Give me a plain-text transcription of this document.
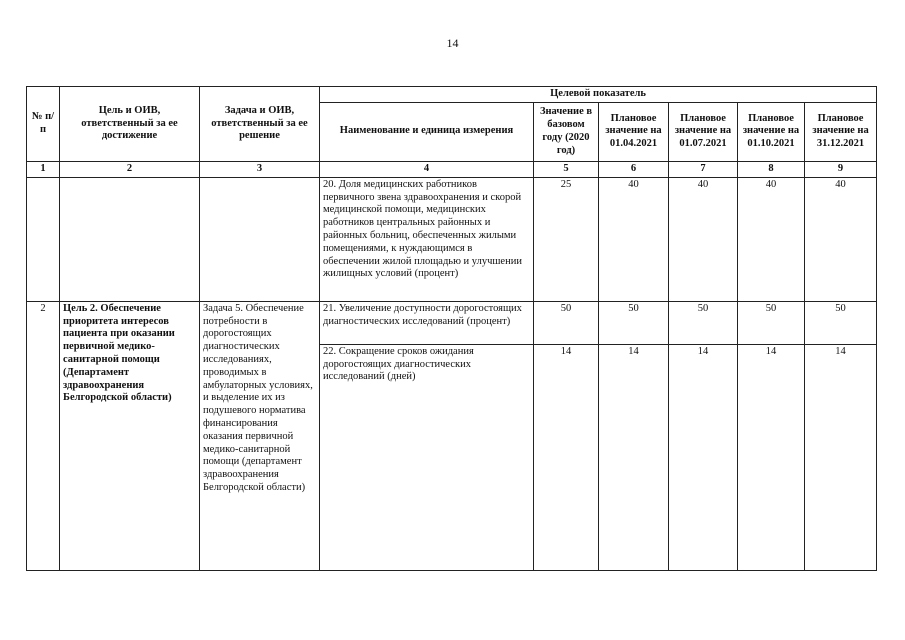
14
№ п/п	Цель и ОИВ, ответственный за ее достижение	Задача и ОИВ, ответственный за ее решение	Целевой показатель					
			Наименование и единица измерения	Значение в базовом году (2020 год)	Плановое значение на 01.04.2021	Плановое значение на 01.07.2021	Плановое значение на 01.10.2021	Плановое значение на 31.12.2021
1	2	3	4	5	6	7	8	9
			20. Доля медицинских работников первичного звена здравоохранения и скорой медицинской помощи, медицинских работников центральных районных и районных больниц, обеспеченных жилыми помещениями, к нуждающимся в обеспечении жилой площадью и улучшении жилищных условий (процент)	25	40	40	40	40
2	Цель 2. Обеспечение приоритета интересов пациента при оказании первичной медико-санитарной помощи (Департамент здравоохранения Белгородской области)	Задача 5. Обеспечение потребности в дорогостоящих диагностических исследованиях, проводимых в амбулаторных условиях, и выделение их из подушевого норматива финансирования оказания первичной медико-санитарной помощи (департамент здравоохранения Белгородской области)	21. Увеличение доступности дорогостоящих диагностических исследований (процент)	50	50	50	50	50
			22. Сокращение сроков ожидания дорогостоящих диагностических исследований (дней)	14	14	14	14	14
